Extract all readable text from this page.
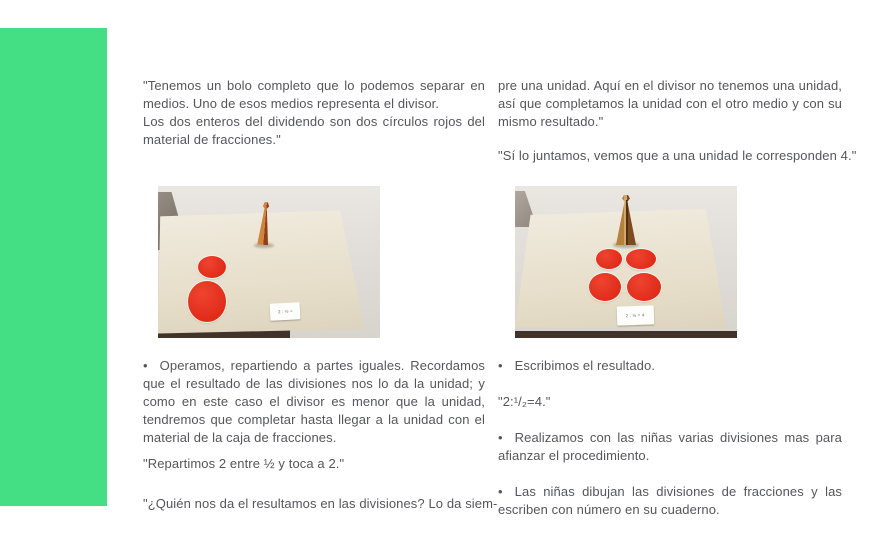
"Tenemos un bolo completo que lo podemos separar en medios. Uno de esos medios representa el divisor.
Los dos enteros del dividendo son dos círculos rojos del material de fracciones."

2 : ½ =

• Operamos, repartiendo a partes iguales. Recordamos que el resultado de las divisiones nos lo da la unidad; y como en este caso el divisor es menor que la unidad, tendremos que completar hasta llegar a la unidad con el material de la caja de fracciones.

"Repartimos 2 entre ½ y toca a 2."

"¿Quién nos da el resultamos en las divisiones? Lo da siem-

pre una unidad. Aquí en el divisor no tenemos una unidad, así que completamos la unidad con el otro medio y con su mismo resultado."

"Sí lo juntamos, vemos que a una unidad le corresponden 4."

2 : ½ = 4

• Escribimos el resultado.

"2:¹/₂=4."

• Realizamos con las niñas varias divisiones mas para afianzar el procedimiento.

• Las niñas dibujan las divisiones de fracciones y las escriben con número en su cuaderno.
